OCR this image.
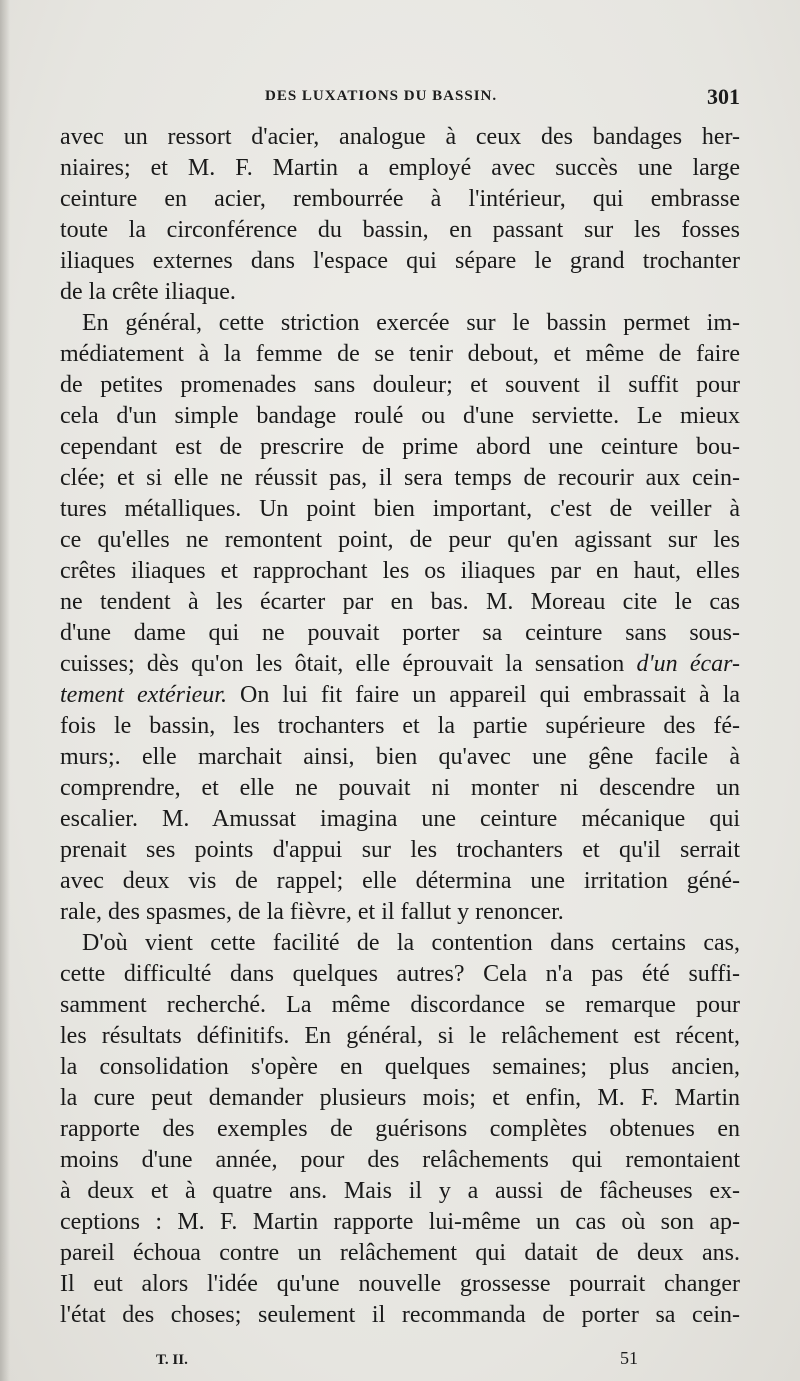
DES LUXATIONS DU BASSIN.	301
avec un ressort d'acier, analogue à ceux des bandages her-
niaires; et M. F. Martin a employé avec succès une large
ceinture en acier, rembourrée à l'intérieur, qui embrasse
toute la circonférence du bassin, en passant sur les fosses
iliaques externes dans l'espace qui sépare le grand trochanter
de la crête iliaque.
En général, cette striction exercée sur le bassin permet im-
médiatement à la femme de se tenir debout, et même de faire
de petites promenades sans douleur; et souvent il suffit pour
cela d'un simple bandage roulé ou d'une serviette. Le mieux
cependant est de prescrire de prime abord une ceinture bou-
clée; et si elle ne réussit pas, il sera temps de recourir aux cein-
tures métalliques. Un point bien important, c'est de veiller à
ce qu'elles ne remontent point, de peur qu'en agissant sur les
crêtes iliaques et rapprochant les os iliaques par en haut, elles
ne tendent à les écarter par en bas. M. Moreau cite le cas
d'une dame qui ne pouvait porter sa ceinture sans sous-
cuisses; dès qu'on les ôtait, elle éprouvait la sensation d'un écar-
tement extérieur. On lui fit faire un appareil qui embrassait à la
fois le bassin, les trochanters et la partie supérieure des fé-
murs;. elle marchait ainsi, bien qu'avec une gêne facile à
comprendre, et elle ne pouvait ni monter ni descendre un
escalier. M. Amussat imagina une ceinture mécanique qui
prenait ses points d'appui sur les trochanters et qu'il serrait
avec deux vis de rappel; elle détermina une irritation géné-
rale, des spasmes, de la fièvre, et il fallut y renoncer.
D'où vient cette facilité de la contention dans certains cas,
cette difficulté dans quelques autres? Cela n'a pas été suffi-
samment recherché. La même discordance se remarque pour
les résultats définitifs. En général, si le relâchement est récent,
la consolidation s'opère en quelques semaines; plus ancien,
la cure peut demander plusieurs mois; et enfin, M. F. Martin
rapporte des exemples de guérisons complètes obtenues en
moins d'une année, pour des relâchements qui remontaient
à deux et à quatre ans. Mais il y a aussi de fâcheuses ex-
ceptions : M. F. Martin rapporte lui-même un cas où son ap-
pareil échoua contre un relâchement qui datait de deux ans.
Il eut alors l'idée qu'une nouvelle grossesse pourrait changer
l'état des choses; seulement il recommanda de porter sa cein-
T. II.	51
